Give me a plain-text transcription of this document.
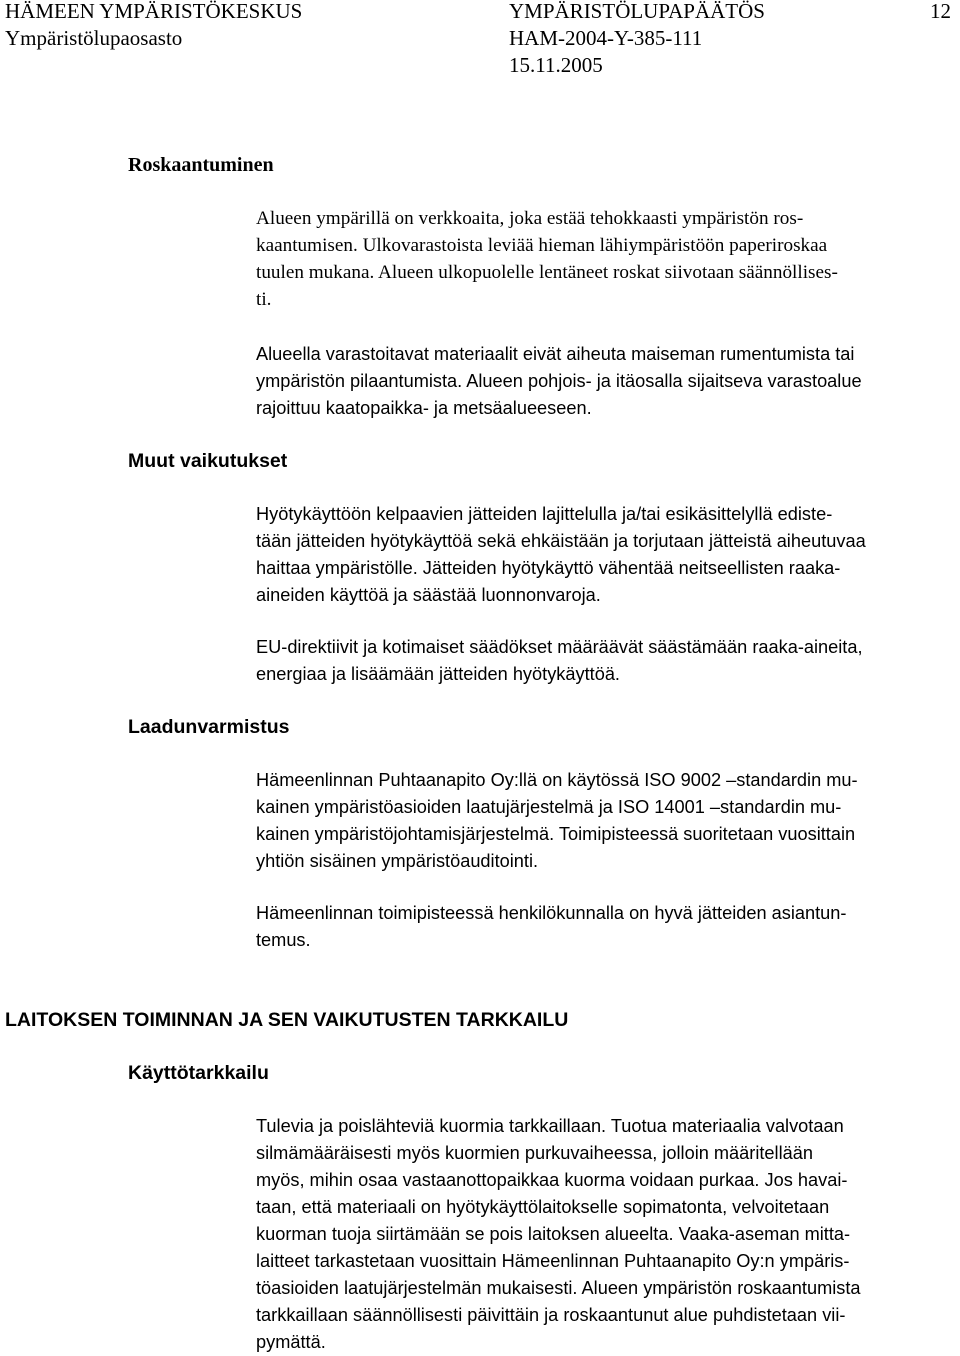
HÄMEEN YMPÄRISTÖKESKUS
Ympäristölupaosasto
YMPÄRISTÖLUPAPÄÄTÖS
HAM-2004-Y-385-111
15.11.2005
12
Roskaantuminen

Alueen ympärillä on verkkoaita, joka estää tehokkaasti ympäristön ros-
kaantumisen. Ulkovarastoista leviää hieman lähiympäristöön paperiroskaa
tuulen mukana. Alueen ulkopuolelle lentäneet roskat siivotaan säännöllises-
ti.

Alueella varastoitavat materiaalit eivät aiheuta maiseman rumentumista tai
ympäristön pilaantumista. Alueen pohjois- ja itäosalla sijaitseva varastoalue
rajoittuu kaatopaikka- ja metsäalueeseen.

Muut vaikutukset

Hyötykäyttöön kelpaavien jätteiden lajittelulla ja/tai esikäsittelyllä ediste-
tään jätteiden hyötykäyttöä sekä ehkäistään ja torjutaan jätteistä aiheutuvaa
haittaa ympäristölle. Jätteiden hyötykäyttö vähentää neitseellisten raaka-
aineiden käyttöä ja säästää luonnonvaroja.

EU-direktiivit ja kotimaiset säädökset määräävät säästämään raaka-aineita,
energiaa ja lisäämään jätteiden hyötykäyttöä.

Laadunvarmistus

Hämeenlinnan Puhtaanapito Oy:llä on käytössä ISO 9002 –standardin mu-
kainen ympäristöasioiden laatujärjestelmä ja ISO 14001 –standardin mu-
kainen ympäristöjohtamisjärjestelmä. Toimipisteessä suoritetaan vuosittain
yhtiön sisäinen ympäristöauditointi.

Hämeenlinnan toimipisteessä henkilökunnalla on hyvä jätteiden asiantun-
temus.

LAITOKSEN TOIMINNAN JA SEN VAIKUTUSTEN TARKKAILU
Käyttötarkkailu

Tulevia ja poislähteviä kuormia tarkkaillaan. Tuotua materiaalia valvotaan
silmämääräisesti myös kuormien purkuvaiheessa, jolloin määritellään
myös, mihin osaa vastaanottopaikkaa kuorma voidaan purkaa. Jos havai-
taan, että materiaali on hyötykäyttölaitokselle sopimatonta, velvoitetaan
kuorman tuoja siirtämään se pois laitoksen alueelta. Vaaka-aseman mitta-
laitteet tarkastetaan vuosittain Hämeenlinnan Puhtaanapito Oy:n ympäris-
töasioiden laatujärjestelmän mukaisesti. Alueen ympäristön roskaantumista
tarkkaillaan säännöllisesti päivittäin ja roskaantunut alue puhdistetaan vii-
pymättä.
